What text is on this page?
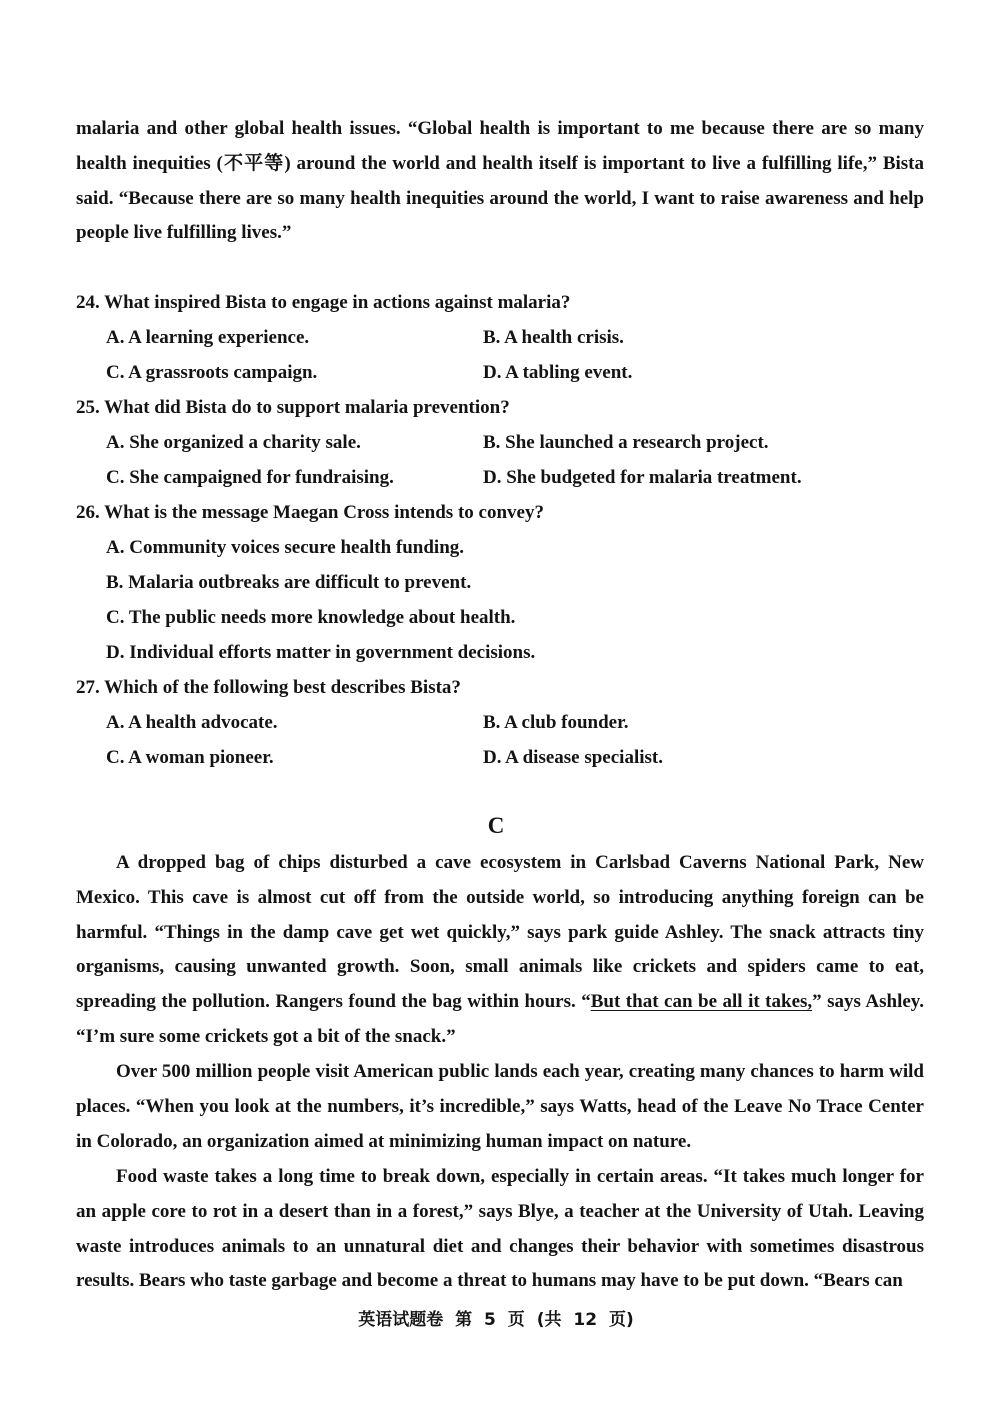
malaria and other global health issues. “Global health is important to me because there are so many health inequities (不平等) around the world and health itself is important to live a fulfilling life,” Bista said. “Because there are so many health inequities around the world, I want to raise awareness and help people live fulfilling lives.”

24. What inspired Bista to engage in actions against malaria?
A. A learning experience.	B. A health crisis.
C. A grassroots campaign.	D. A tabling event.
25. What did Bista do to support malaria prevention?
A. She organized a charity sale.	B. She launched a research project.
C. She campaigned for fundraising.	D. She budgeted for malaria treatment.
26. What is the message Maegan Cross intends to convey?
A. Community voices secure health funding.
B. Malaria outbreaks are difficult to prevent.
C. The public needs more knowledge about health.
D. Individual efforts matter in government decisions.
27. Which of the following best describes Bista?
A. A health advocate.	B. A club founder.
C. A woman pioneer.	D. A disease specialist.
C

A dropped bag of chips disturbed a cave ecosystem in Carlsbad Caverns National Park, New Mexico. This cave is almost cut off from the outside world, so introducing anything foreign can be harmful. “Things in the damp cave get wet quickly,” says park guide Ashley. The snack attracts tiny organisms, causing unwanted growth. Soon, small animals like crickets and spiders came to eat, spreading the pollution. Rangers found the bag within hours. “But that can be all it takes,” says Ashley. “I’m sure some crickets got a bit of the snack.”

Over 500 million people visit American public lands each year, creating many chances to harm wild places. “When you look at the numbers, it’s incredible,” says Watts, head of the Leave No Trace Center in Colorado, an organization aimed at minimizing human impact on nature.

Food waste takes a long time to break down, especially in certain areas. “It takes much longer for an apple core to rot in a desert than in a forest,” says Blye, a teacher at the University of Utah. Leaving waste introduces animals to an unnatural diet and changes their behavior with sometimes disastrous results. Bears who taste garbage and become a threat to humans may have to be put down. “Bears can

英语试题卷 第 5 页 (共 12 页)
